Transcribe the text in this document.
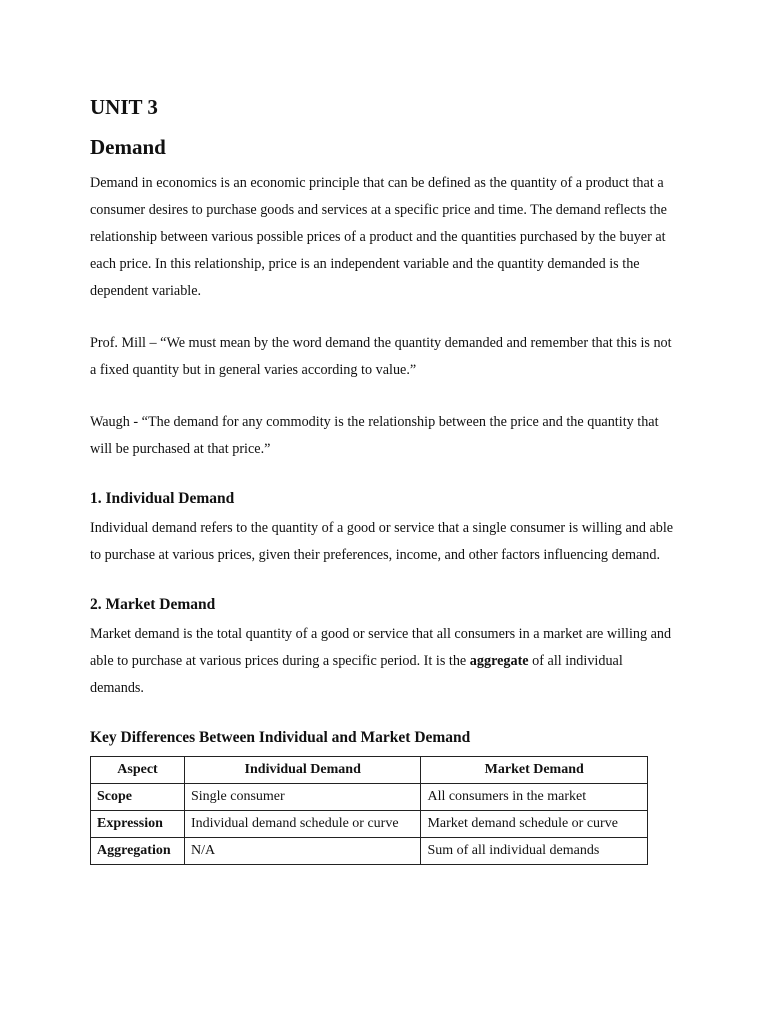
UNIT 3
Demand

Demand in economics is an economic principle that can be defined as the quantity of a product that a consumer desires to purchase goods and services at a specific price and time. The demand reflects the relationship between various possible prices of a product and the quantities purchased by the buyer at each price. In this relationship, price is an independent variable and the quantity demanded is the dependent variable.

Prof. Mill – “We must mean by the word demand the quantity demanded and remember that this is not a fixed quantity but in general varies according to value.”

Waugh - “The demand for any commodity is the relationship between the price and the quantity that will be purchased at that price.”

1. Individual Demand

Individual demand refers to the quantity of a good or service that a single consumer is willing and able to purchase at various prices, given their preferences, income, and other factors influencing demand.

2. Market Demand

Market demand is the total quantity of a good or service that all consumers in a market are willing and able to purchase at various prices during a specific period. It is the aggregate of all individual demands.

Key Differences Between Individual and Market Demand
Aspect	Individual Demand	Market Demand
Scope	Single consumer	All consumers in the market
Expression	Individual demand schedule or curve	Market demand schedule or curve
Aggregation	N/A	Sum of all individual demands
